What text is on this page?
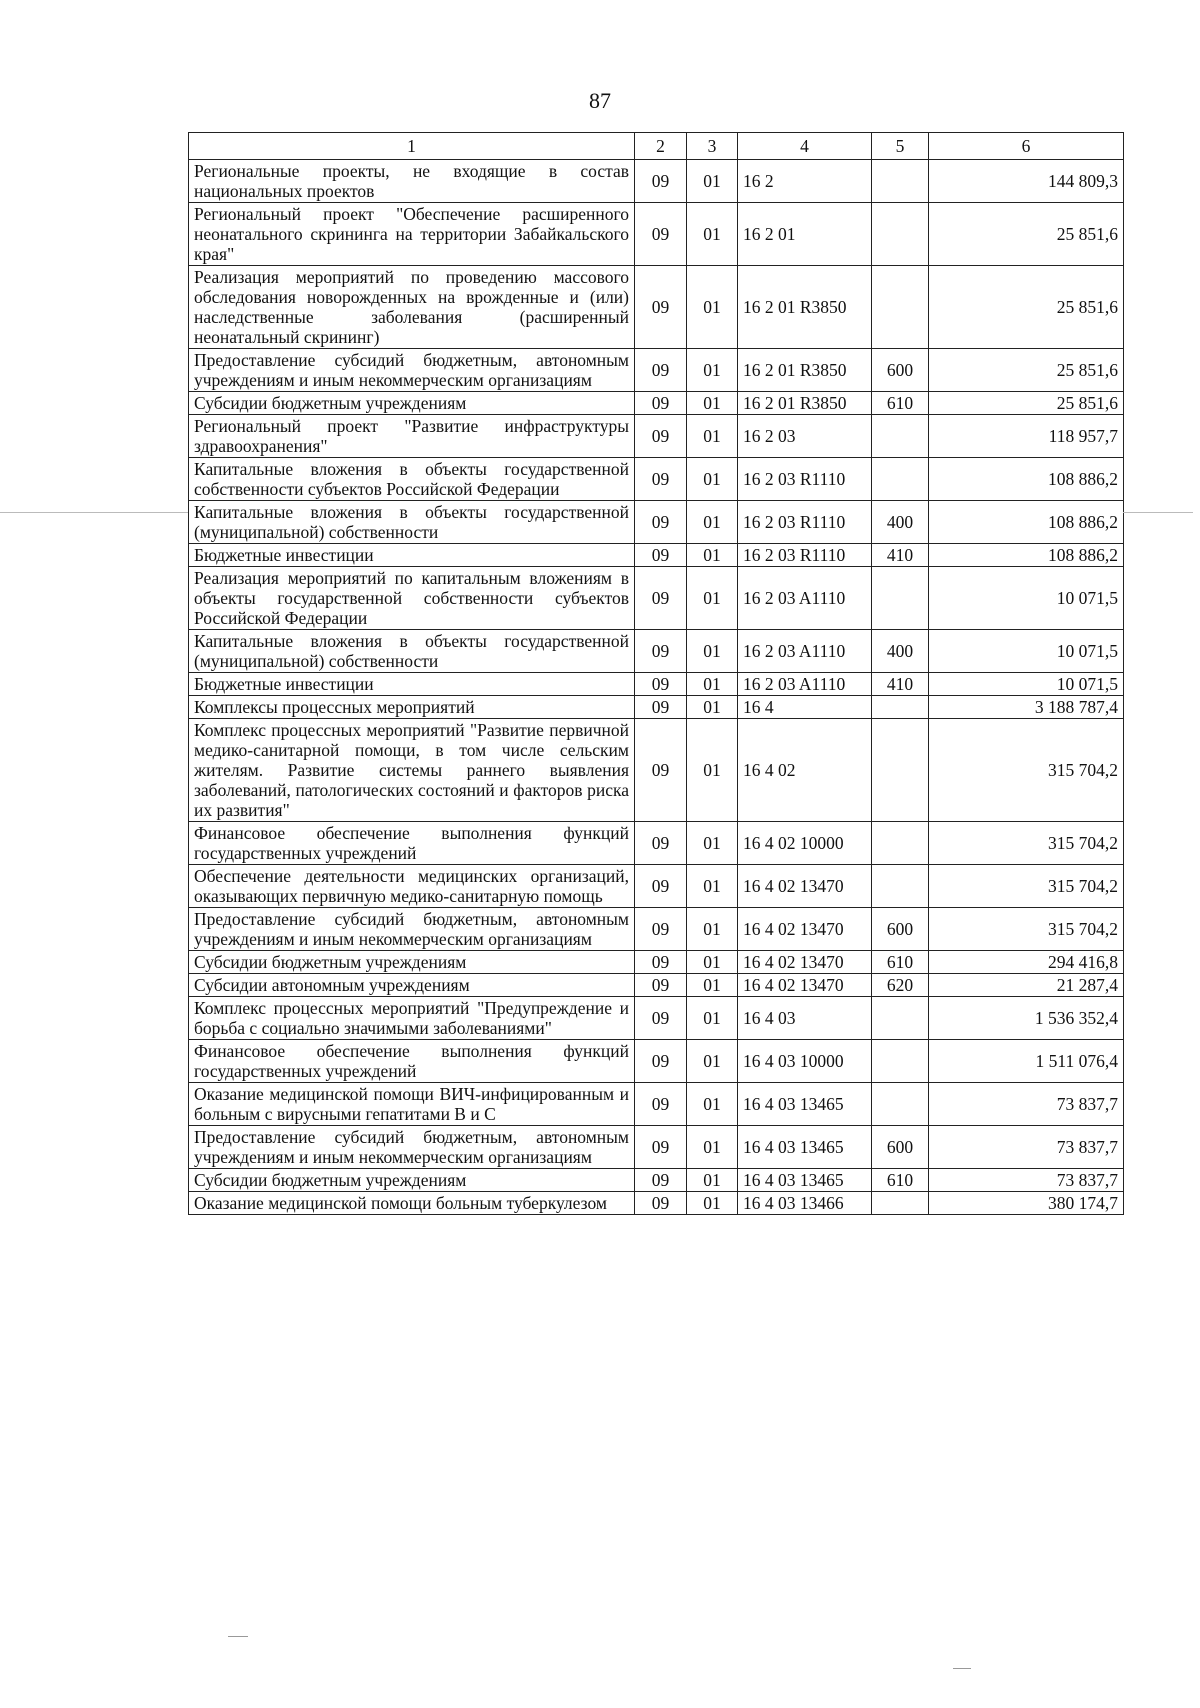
87
1	2	3	4	5	6
Региональные проекты, не входящие в состав национальных проектов	09	01	16 2		144 809,3
Региональный проект "Обеспечение расширенного неонатального скрининга на территории Забайкальского края"	09	01	16 2 01		25 851,6
Реализация мероприятий по проведению массового обследования новорожденных на врожденные и (или) наследственные заболевания (расширенный неонатальный скрининг)	09	01	16 2 01 R3850		25 851,6
Предоставление субсидий бюджетным, автономным учреждениям и иным некоммерческим организациям	09	01	16 2 01 R3850	600	25 851,6
Субсидии бюджетным учреждениям	09	01	16 2 01 R3850	610	25 851,6
Региональный проект "Развитие инфраструктуры здравоохранения"	09	01	16 2 03		118 957,7
Капитальные вложения в объекты государственной собственности субъектов Российской Федерации	09	01	16 2 03 R1110		108 886,2
Капитальные вложения в объекты государственной (муниципальной) собственности	09	01	16 2 03 R1110	400	108 886,2
Бюджетные инвестиции	09	01	16 2 03 R1110	410	108 886,2
Реализация мероприятий по капитальным вложениям в объекты государственной собственности субъектов Российской Федерации	09	01	16 2 03 A1110		10 071,5
Капитальные вложения в объекты государственной (муниципальной) собственности	09	01	16 2 03 A1110	400	10 071,5
Бюджетные инвестиции	09	01	16 2 03 A1110	410	10 071,5
Комплексы процессных мероприятий	09	01	16 4		3 188 787,4
Комплекс процессных мероприятий "Развитие первичной медико-санитарной помощи, в том числе сельским жителям. Развитие системы раннего выявления заболеваний, патологических состояний и факторов риска их развития"	09	01	16 4 02		315 704,2
Финансовое обеспечение выполнения функций государственных учреждений	09	01	16 4 02 10000		315 704,2
Обеспечение деятельности медицинских организаций, оказывающих первичную медико-санитарную помощь	09	01	16 4 02 13470		315 704,2
Предоставление субсидий бюджетным, автономным учреждениям и иным некоммерческим организациям	09	01	16 4 02 13470	600	315 704,2
Субсидии бюджетным учреждениям	09	01	16 4 02 13470	610	294 416,8
Субсидии автономным учреждениям	09	01	16 4 02 13470	620	21 287,4
Комплекс процессных мероприятий "Предупреждение и борьба с социально значимыми заболеваниями"	09	01	16 4 03		1 536 352,4
Финансовое обеспечение выполнения функций государственных учреждений	09	01	16 4 03 10000		1 511 076,4
Оказание медицинской помощи ВИЧ-инфицированным и больным с вирусными гепатитами В и С	09	01	16 4 03 13465		73 837,7
Предоставление субсидий бюджетным, автономным учреждениям и иным некоммерческим организациям	09	01	16 4 03 13465	600	73 837,7
Субсидии бюджетным учреждениям	09	01	16 4 03 13465	610	73 837,7
Оказание медицинской помощи больным туберкулезом	09	01	16 4 03 13466		380 174,7
